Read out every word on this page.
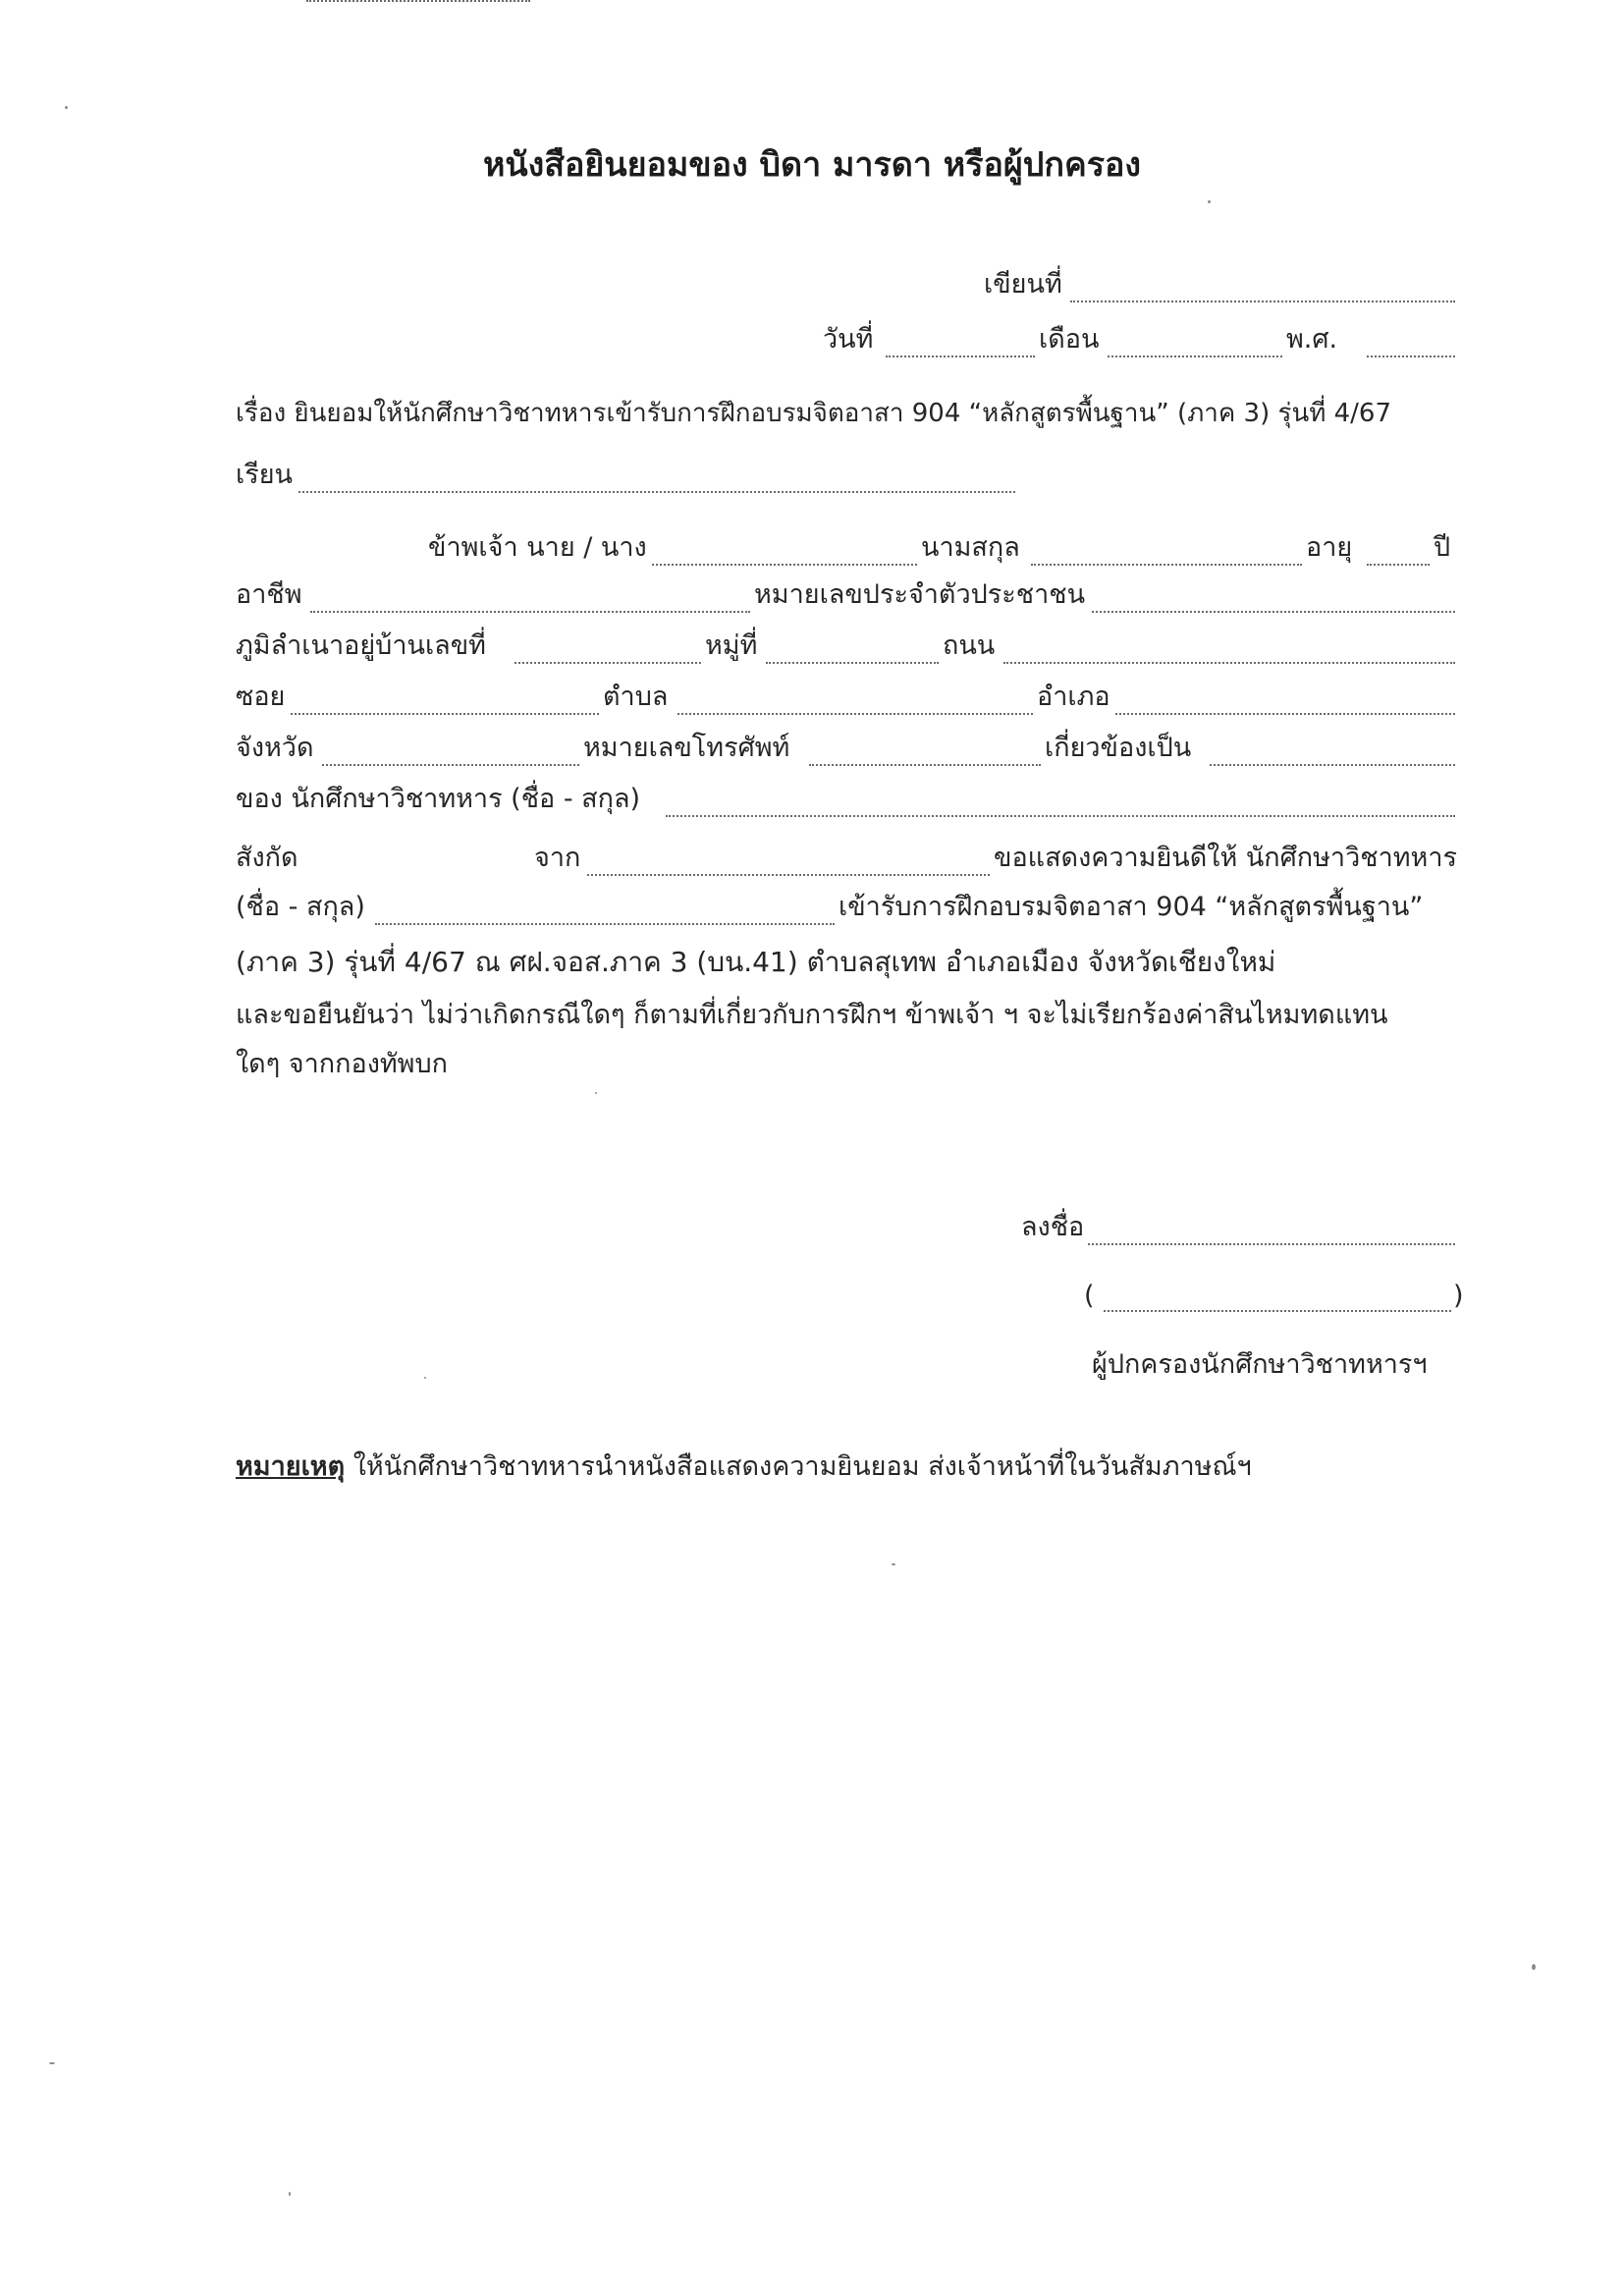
หนังสือยินยอมของ บิดา มารดา หรือผู้ปกครอง
เขียนที่
วันที่	เดือน	พ.ศ.
เรื่อง ยินยอมให้นักศึกษาวิชาทหารเข้ารับการฝึกอบรมจิตอาสา 904 “หลักสูตรพื้นฐาน” (ภาค 3) รุ่นที่ 4/67
เรียน
ข้าพเจ้า นาย / นาง	นามสกุล	อายุ	ปี
อาชีพ	หมายเลขประจำตัวประชาชน
ภูมิลำเนาอยู่บ้านเลขที่	หมู่ที่	ถนน
ซอย	ตำบล	อำเภอ
จังหวัด	หมายเลขโทรศัพท์	เกี่ยวข้องเป็น
ของ นักศึกษาวิชาทหาร (ชื่อ - สกุล)
สังกัด	จาก	ขอแสดงความยินดีให้ นักศึกษาวิชาทหาร
(ชื่อ - สกุล)	เข้ารับการฝึกอบรมจิตอาสา 904 “หลักสูตรพื้นฐาน”
(ภาค 3) รุ่นที่ 4/67 ณ ศฝ.จอส.ภาค 3 (บน.41) ตำบลสุเทพ อำเภอเมือง จังหวัดเชียงใหม่
และขอยืนยันว่า ไม่ว่าเกิดกรณีใดๆ ก็ตามที่เกี่ยวกับการฝึกฯ ข้าพเจ้า ฯ จะไม่เรียกร้องค่าสินไหมทดแทน
ใดๆ จากกองทัพบก
ลงชื่อ
(	)
ผู้ปกครองนักศึกษาวิชาทหารฯ
หมายเหตุ ให้นักศึกษาวิชาทหารนำหนังสือแสดงความยินยอม ส่งเจ้าหน้าที่ในวันสัมภาษณ์ฯ
